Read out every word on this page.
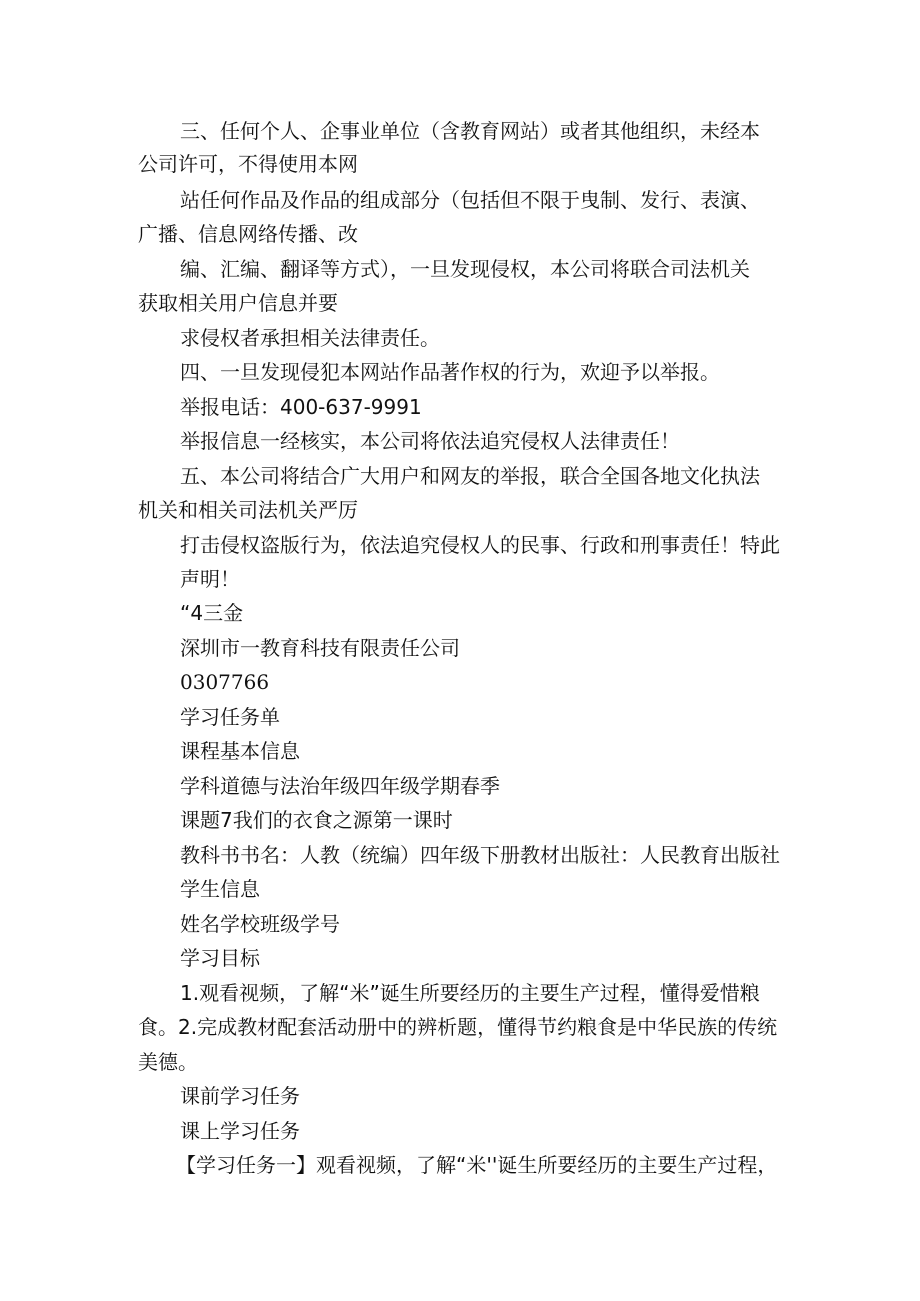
三、任何个人、企事业单位（含教育网站）或者其他组织，未经本

公司许可，不得使用本网

站任何作品及作品的组成部分（包括但不限于曳制、发行、表演、

广播、信息网络传播、改

编、汇编、翻译等方式），一旦发现侵权，本公司将联合司法机关

获取相关用户信息并要

求侵权者承担相关法律责任。

四、一旦发现侵犯本网站作品著作权的行为，欢迎予以举报。

举报电话：400-637-9991

举报信息一经核实，本公司将依法追究侵权人法律责任！

五、本公司将结合广大用户和网友的举报，联合全国各地文化执法

机关和相关司法机关严厉

打击侵权盗版行为，依法追究侵权人的民事、行政和刑事责任！特此

声明！

“4三金

深圳市一教育科技有限责任公司

0307766

学习任务单

课程基本信息

学科道德与法治年级四年级学期春季

课题7我们的衣食之源第一课时

教科书书名：人教（统编）四年级下册教材出版社：人民教育出版社

学生信息

姓名学校班级学号

学习目标

1.观看视频，了解“米”诞生所要经历的主要生产过程，懂得爱惜粮

食。2.完成教材配套活动册中的辨析题，懂得节约粮食是中华民族的传统

美德。

课前学习任务

课上学习任务

【学习任务一】观看视频，了解“米''诞生所要经历的主要生产过程，
